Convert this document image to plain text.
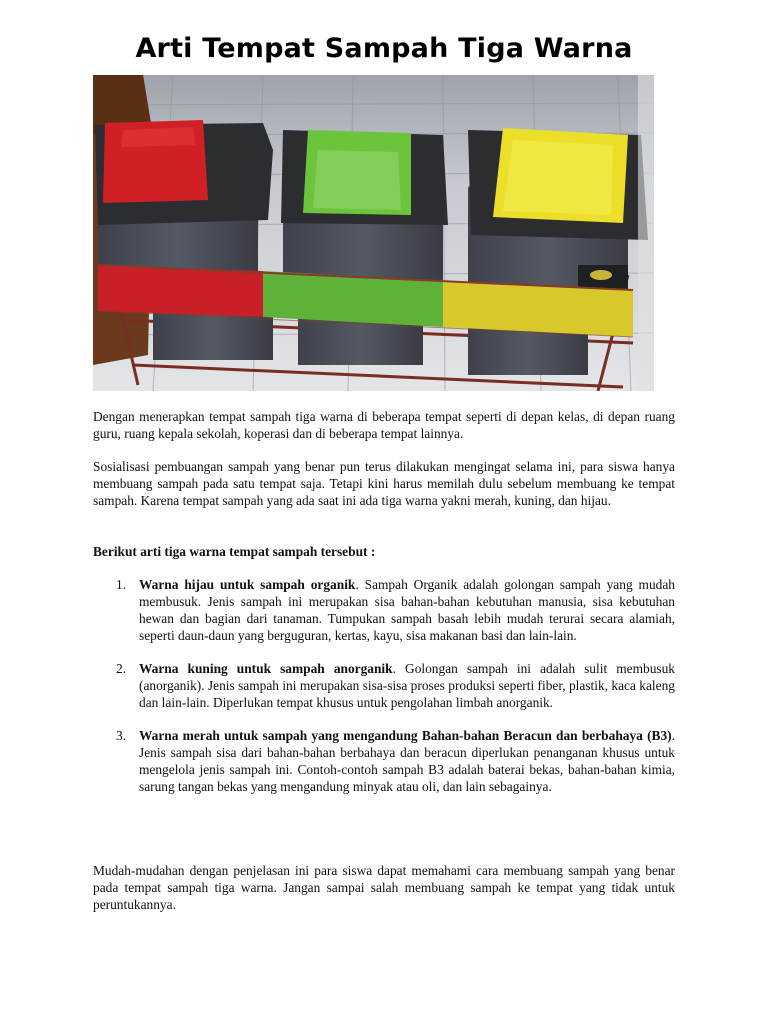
Arti Tempat Sampah Tiga Warna
Dengan menerapkan tempat sampah tiga warna di beberapa tempat seperti di depan kelas, di depan ruang guru, ruang kepala sekolah, koperasi dan di beberapa tempat lainnya.
Sosialisasi pembuangan sampah yang benar pun terus dilakukan mengingat selama ini, para siswa hanya membuang sampah pada satu tempat saja. Tetapi kini harus memilah dulu sebelum membuang ke tempat sampah. Karena tempat sampah yang ada saat ini ada tiga warna yakni merah, kuning, dan hijau.
Berikut arti tiga warna tempat sampah tersebut :
1. Warna hijau untuk sampah organik. Sampah Organik adalah golongan sampah yang mudah membusuk. Jenis sampah ini merupakan sisa bahan-bahan kebutuhan manusia, sisa kebutuhan hewan dan bagian dari tanaman. Tumpukan sampah basah lebih mudah terurai secara alamiah, seperti daun-daun yang berguguran, kertas, kayu, sisa makanan basi dan lain-lain.
2. Warna kuning untuk sampah anorganik. Golongan sampah ini adalah sulit membusuk (anorganik). Jenis sampah ini merupakan sisa-sisa proses produksi seperti fiber, plastik, kaca kaleng dan lain-lain. Diperlukan tempat khusus untuk pengolahan limbah anorganik.
3. Warna merah untuk sampah yang mengandung Bahan-bahan Beracun dan berbahaya (B3). Jenis sampah sisa dari bahan-bahan berbahaya dan beracun diperlukan penanganan khusus untuk mengelola jenis sampah ini. Contoh-contoh sampah B3 adalah baterai bekas, bahan-bahan kimia, sarung tangan bekas yang mengandung minyak atau oli, dan lain sebagainya.
Mudah-mudahan dengan penjelasan ini para siswa dapat memahami cara membuang sampah yang benar pada tempat sampah tiga warna. Jangan sampai salah membuang sampah ke tempat yang tidak untuk peruntukannya.
